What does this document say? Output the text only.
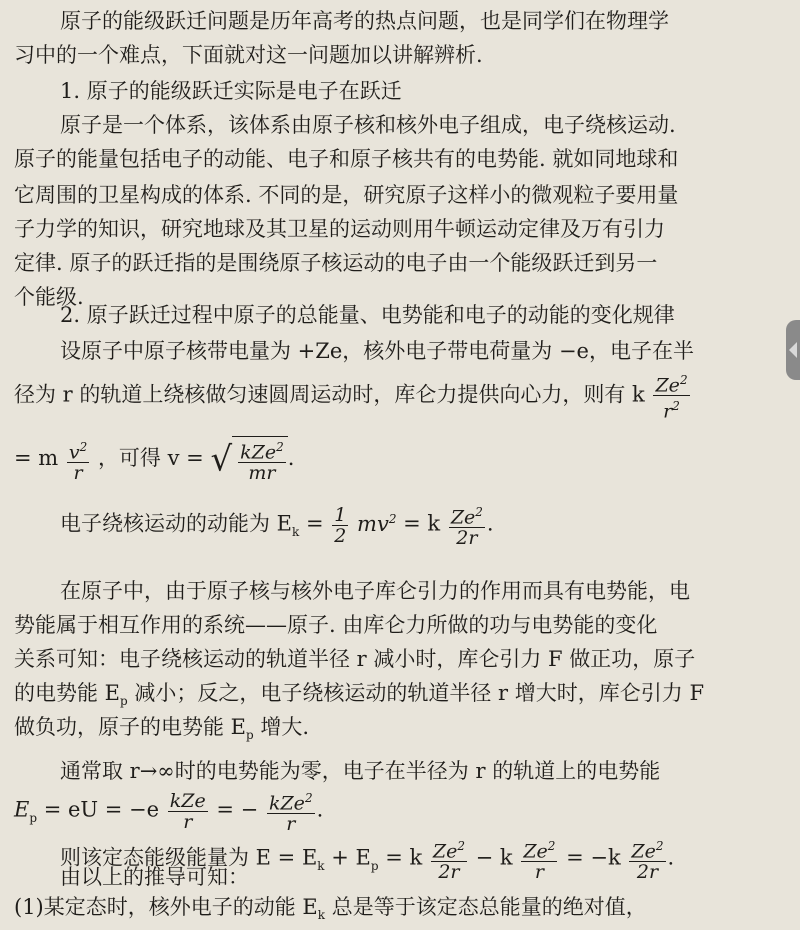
原子的能级跃迁问题是历年高考的热点问题，也是同学们在物理学
习中的一个难点，下面就对这一问题加以讲解辨析.
1. 原子的能级跃迁实际是电子在跃迁
原子是一个体系，该体系由原子核和核外电子组成，电子绕核运动.
原子的能量包括电子的动能、电子和原子核共有的电势能. 就如同地球和
它周围的卫星构成的体系. 不同的是，研究原子这样小的微观粒子要用量
子力学的知识，研究地球及其卫星的运动则用牛顿运动定律及万有引力
定律. 原子的跃迁指的是围绕原子核运动的电子由一个能级跃迁到另一
个能级.
2. 原子跃迁过程中原子的总能量、电势能和电子的动能的变化规律
设原子中原子核带电量为 +Ze，核外电子带电荷量为 −e，电子在半
径为 r 的轨道上绕核做匀速圆周运动时，库仑力提供向心力，则有 k $\frac{Ze^2}{r^2}$
= m $\frac{v^2}{r}$ ，可得 v = √ $\frac{kZe^2}{mr}$ .
电子绕核运动的动能为 $E_k = \frac{1}{2} mv^2 = k \frac{Ze^2}{2r}$ .
在原子中，由于原子核与核外电子库仑引力的作用而具有电势能，电
势能属于相互作用的系统——原子. 由库仑力所做的功与电势能的变化
关系可知：电子绕核运动的轨道半径 r 减小时，库仑引力 F 做正功，原子
的电势能 $E_p$ 减小；反之，电子绕核运动的轨道半径 r 增大时，库仑引力 F
做负功，原子的电势能 $E_p$ 增大.
通常取 r→∞时的电势能为零，电子在半径为 r 的轨道上的电势能
$E_p$ = eU = $-e \frac{\text{kZe}}{r}$ = − $\frac{kZe^2}{r}$ .
则该定态能级能量为 $E = E_k + E_p = k \frac{Ze^2}{2r} - k \frac{Ze^2}{r} = -k \frac{Ze^2}{2r}$ .
由以上的推导可知：
(1)某定态时，核外电子的动能 $E_k$ 总是等于该定态总能量的绝对值，
